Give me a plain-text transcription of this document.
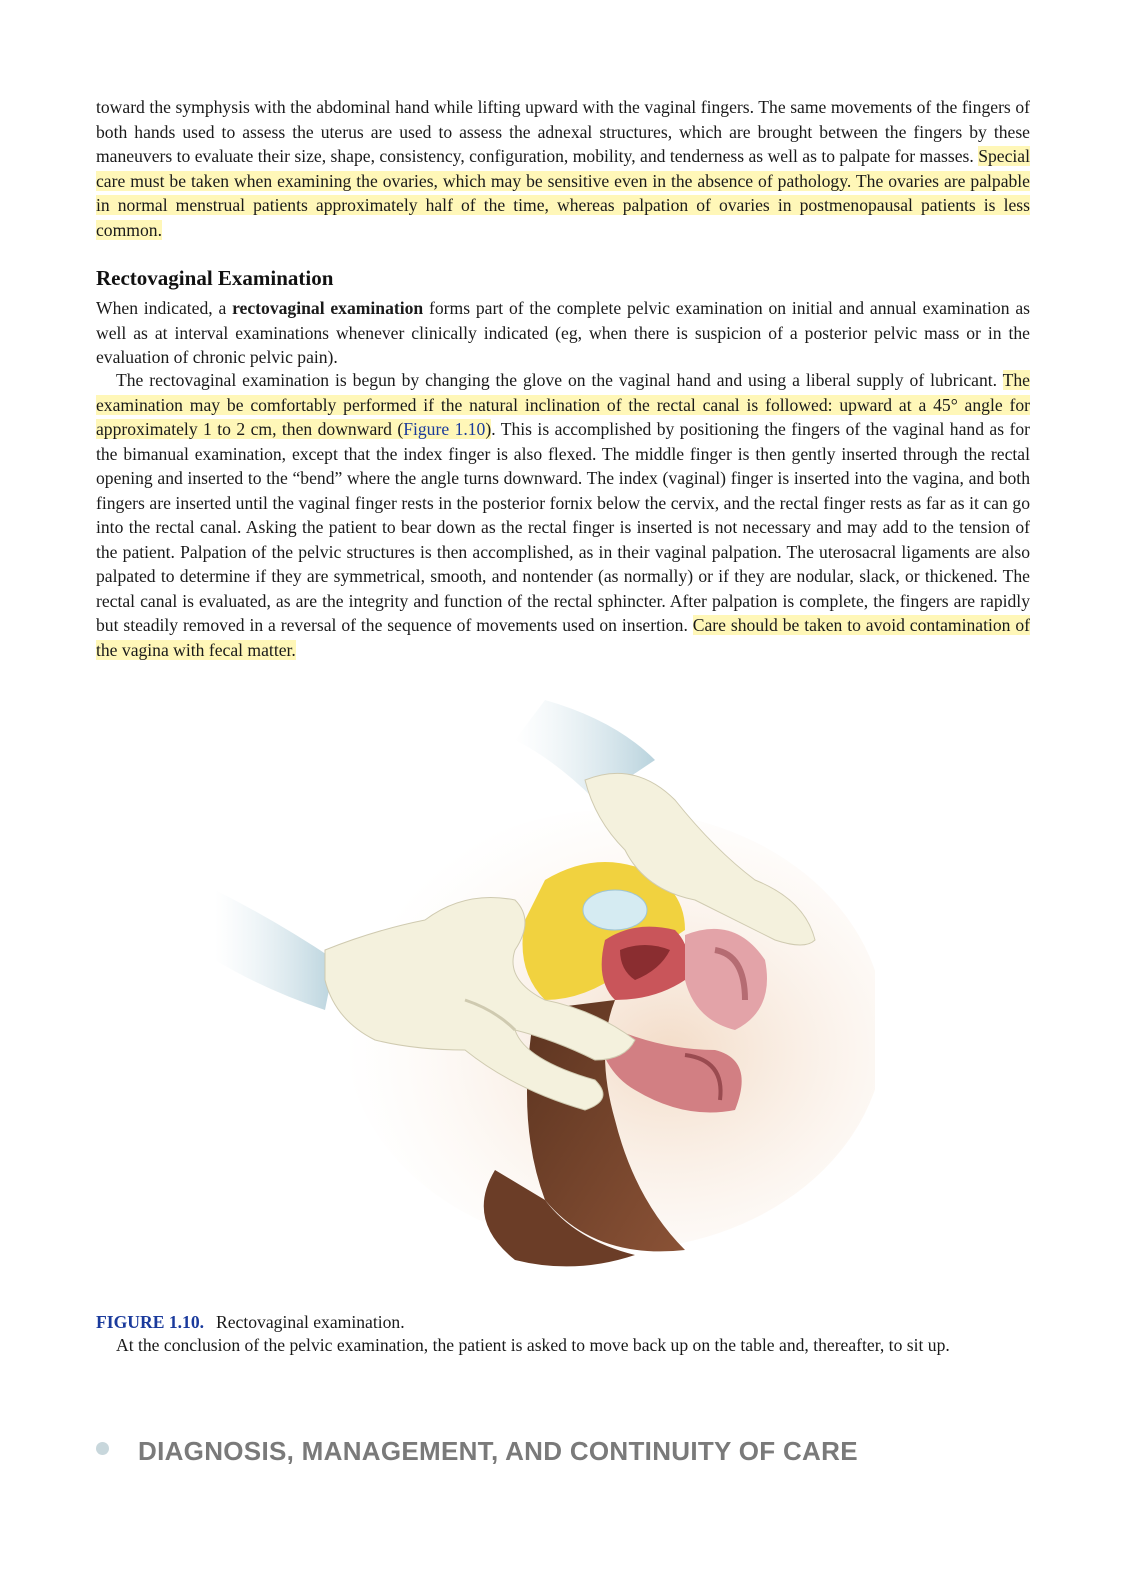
toward the symphysis with the abdominal hand while lifting upward with the vaginal fingers. The same movements of the fingers of both hands used to assess the uterus are used to assess the adnexal structures, which are brought between the fingers by these maneuvers to evaluate their size, shape, consistency, configuration, mobility, and tenderness as well as to palpate for masses. Special care must be taken when examining the ovaries, which may be sensitive even in the absence of pathology. The ovaries are palpable in normal menstrual patients approximately half of the time, whereas palpation of ovaries in postmenopausal patients is less common.

Rectovaginal Examination

When indicated, a rectovaginal examination forms part of the complete pelvic examination on initial and annual examination as well as at interval examinations whenever clinically indicated (eg, when there is suspicion of a posterior pelvic mass or in the evaluation of chronic pelvic pain).

The rectovaginal examination is begun by changing the glove on the vaginal hand and using a liberal supply of lubricant. The examination may be comfortably performed if the natural inclination of the rectal canal is followed: upward at a 45° angle for approximately 1 to 2 cm, then downward (Figure 1.10). This is accomplished by positioning the fingers of the vaginal hand as for the bimanual examination, except that the index finger is also flexed. The middle finger is then gently inserted through the rectal opening and inserted to the “bend” where the angle turns downward. The index (vaginal) finger is inserted into the vagina, and both fingers are inserted until the vaginal finger rests in the posterior fornix below the cervix, and the rectal finger rests as far as it can go into the rectal canal. Asking the patient to bear down as the rectal finger is inserted is not necessary and may add to the tension of the patient. Palpation of the pelvic structures is then accomplished, as in their vaginal palpation. The uterosacral ligaments are also palpated to determine if they are symmetrical, smooth, and nontender (as normally) or if they are nodular, slack, or thickened. The rectal canal is evaluated, as are the integrity and function of the rectal sphincter. After palpation is complete, the fingers are rapidly but steadily removed in a reversal of the sequence of movements used on insertion. Care should be taken to avoid contamination of the vagina with fecal matter.

FIGURE 1.10. Rectovaginal examination.

At the conclusion of the pelvic examination, the patient is asked to move back up on the table and, thereafter, to sit up.

DIAGNOSIS, MANAGEMENT, AND CONTINUITY OF CARE
